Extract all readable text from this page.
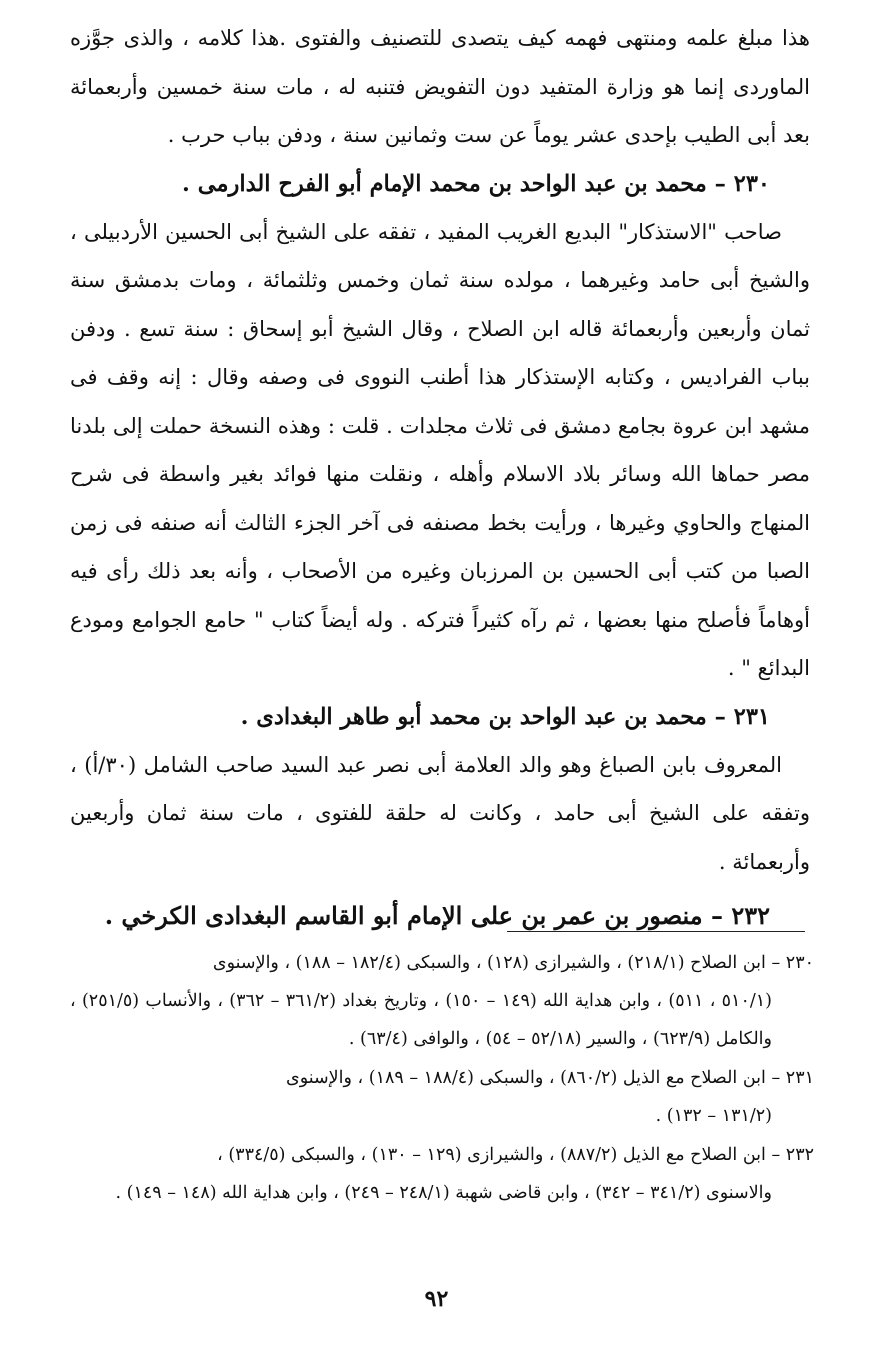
هذا مبلغ علمه ومنتهى فهمه كيف يتصدى للتصنيف والفتوى .هذا كلامه ، والذى جوَّزه الماوردى إنما هو وزارة المتفيد دون التفويض فتنبه له ، مات سنة خمسين وأربعمائة بعد أبى الطيب بإحدى عشر يوماً عن ست وثمانين سنة ، ودفن بباب حرب .

٢٣٠ – محمد بن عبد الواحد بن محمد الإمام أبو الفرح الدارمى .

صاحب "الاستذكار" البديع الغريب المفيد ، تفقه على الشيخ أبى الحسين الأردبيلى ، والشيخ أبى حامد وغيرهما ، مولده سنة ثمان وخمس وثلثمائة ، ومات بدمشق سنة ثمان وأربعين وأربعمائة قاله ابن الصلاح ، وقال الشيخ أبو إسحاق : سنة تسع . ودفن بباب الفراديس ، وكتابه الإستذكار هذا أطنب النووى فى وصفه وقال : إنه وقف فى مشهد ابن عروة بجامع دمشق فى ثلاث مجلدات . قلت : وهذه النسخة حملت إلى بلدنا مصر حماها الله وسائر بلاد الاسلام وأهله ، ونقلت منها فوائد بغير واسطة فى شرح المنهاج والحاوي وغيرها ، ورأيت بخط مصنفه فى آخر الجزء الثالث أنه صنفه فى زمن الصبا من كتب أبى الحسين بن المرزبان وغيره من الأصحاب ، وأنه بعد ذلك رأى فيه أوهاماً فأصلح منها بعضها ، ثم رآه كثيراً فتركه . وله أيضاً كتاب " حامع الجوامع ومودع البدائع " .

٢٣١ – محمد بن عبد الواحد بن محمد أبو طاهر البغدادى .

المعروف بابن الصباغ وهو والد العلامة أبى نصر عبد السيد صاحب الشامل (٣٠/أ) ، وتفقه على الشيخ أبى حامد ، وكانت له حلقة للفتوى ، مات سنة ثمان وأربعين وأربعمائة .

٢٣٢ – منصور بن عمر بن على الإمام أبو القاسم البغدادى الكرخي .

٢٣٠ – ابن الصلاح (٢١٨/١) ، والشيرازى (١٢٨) ، والسبكى (١٨٢/٤ – ١٨٨) ، والإسنوى
(٥١٠/١ ، ٥١١) ، وابن هداية الله (١٤٩ – ١٥٠) ، وتاريخ بغداد (٣٦١/٢ – ٣٦٢) ، والأنساب (٢٥١/٥) ، والكامل (٦٢٣/٩) ، والسير (٥٢/١٨ – ٥٤) ، والوافى (٦٣/٤) .

٢٣١ – ابن الصلاح مع الذيل (٨٦٠/٢) ، والسبكى (١٨٨/٤ – ١٨٩) ، والإسنوى
(١٣١/٢ – ١٣٢) .

٢٣٢ – ابن الصلاح مع الذيل (٨٨٧/٢) ، والشيرازى (١٢٩ – ١٣٠) ، والسبكى (٣٣٤/٥) ،
والاسنوى (٣٤١/٢ – ٣٤٢) ، وابن قاضى شهبة (٢٤٨/١ – ٢٤٩) ، وابن هداية الله (١٤٨ – ١٤٩) .

٩٢
